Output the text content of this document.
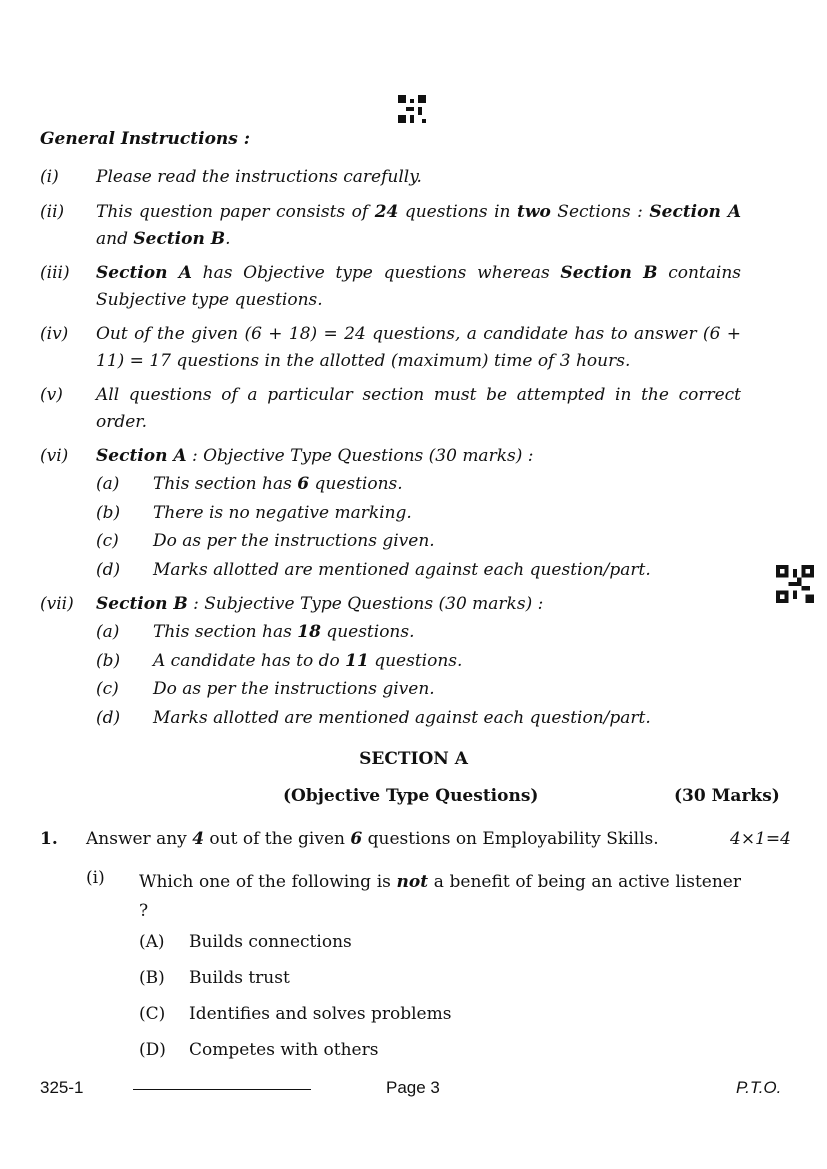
General Instructions :
(i) Please read the instructions carefully.
(ii) This question paper consists of 24 questions in two Sections : Section A and Section B.
(iii) Section A has Objective type questions whereas Section B contains Subjective type questions.
(iv) Out of the given (6 + 18) = 24 questions, a candidate has to answer (6 + 11) = 17 questions in the allotted (maximum) time of 3 hours.
(v) All questions of a particular section must be attempted in the correct order.
(vi) Section A : Objective Type Questions (30 marks) :
(a) This section has 6 questions.
(b) There is no negative marking.
(c) Do as per the instructions given.
(d) Marks allotted are mentioned against each question/part.
(vii) Section B : Subjective Type Questions (30 marks) :
(a) This section has 18 questions.
(b) A candidate has to do 11 questions.
(c) Do as per the instructions given.
(d) Marks allotted are mentioned against each question/part.
SECTION A
(Objective Type Questions)	(30 Marks)
1. Answer any 4 out of the given 6 questions on Employability Skills.	4×1=4
(i) Which one of the following is not a benefit of being an active listener ?
(A) Builds connections
(B) Builds trust
(C) Identifies and solves problems
(D) Competes with others
325-1	Page 3	P.T.O.
